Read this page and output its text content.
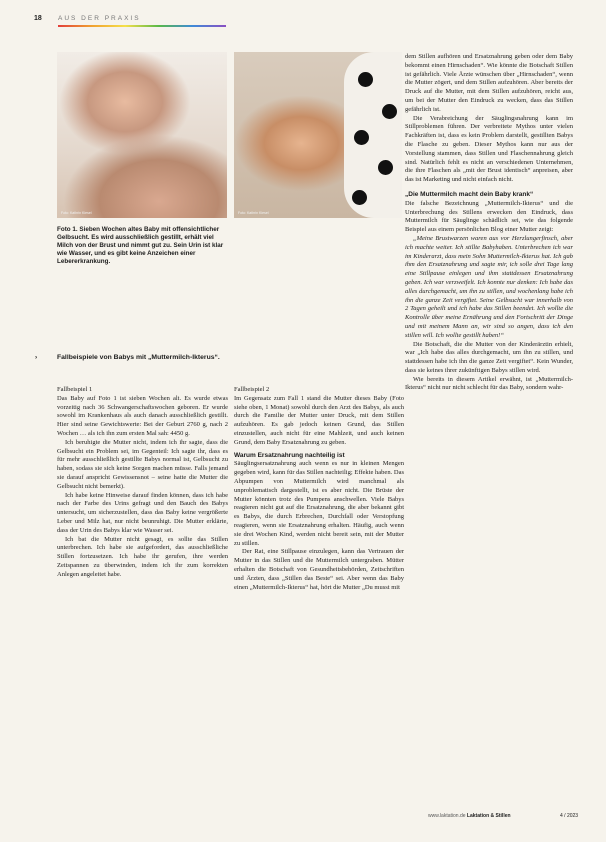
18 AUS DER PRAXIS
Foto: Kathrin Kiesel	Foto: Kathrin Kiesel
Foto 1. Sieben Wochen altes Baby mit offensichtlicher Gelbsucht. Es wird ausschließlich gestillt, erhält viel Milch von der Brust und nimmt gut zu. Sein Urin ist klar wie Wasser, und es gibt keine Anzeichen einer Lebererkrankung.
›	Fallbeispiele von Babys mit „Muttermilch-Ikterus“.
Fallbeispiel 1

Das Baby auf Foto 1 ist sieben Wochen alt. Es wurde etwas vorzeitig nach 36 Schwangerschaftswochen geboren. Er wurde sowohl im Krankenhaus als auch danach ausschließlich gestillt. Hier sind seine Gewichtswerte: Bei der Geburt 2760 g, nach 2 Wochen … als ich ihn zum ersten Mal sah: 4450 g.

Ich beruhigte die Mutter nicht, indem ich ihr sagte, dass die Gelbsucht ein Problem sei, im Gegenteil: Ich sagte ihr, dass es für mehr ausschließlich gestillte Babys normal ist, Gelbsucht zu haben, sodass sie sich keine Sorgen machen müsse. Falls jemand sie darauf anspricht Gewissensnot – seine hatte die Mutter die Gelbsucht nicht bemerkt).

Ich habe keine Hinweise darauf finden können, dass ich habe nach der Farbe des Urins gefragt und den Bauch des Babys untersucht, um sicherzustellen, dass das Baby keine vergrößerte Leber und Milz hat, nur nicht beunruhigt. Die Mutter erklärte, dass der Urin des Babys klar wie Wasser sei.

Ich bat die Mutter nicht gesagt, es sollte das Stillen unterbrechen. Ich habe sie aufgefordert, das ausschließliche Stillen fortzusetzen. Ich habe ihr gerufen, ihre werden Zeitspannen zu überwinden, indem ich ihr zum korrekten Anlegen angeleitet habe.

Fallbeispiel 2

Im Gegensatz zum Fall 1 stand die Mutter dieses Baby (Foto siehe oben, 1 Monat) sowohl durch den Arzt des Babys, als auch durch die Familie der Mutter unter Druck, mit dem Stillen aufzuhören. Es gab jedoch keinen Grund, das Stillen einzustellen, auch nicht für eine Mahlzeit, und auch keinen Grund, dem Baby Ersatznahrung zu geben.

Warum Ersatznahrung nachteilig ist

Säuglingsersatznahrung auch wenn es nur in kleinen Mengen gegeben wird, kann für das Stillen nachteilig; Effekte haben. Das Abpumpen von Muttermilch wird manchmal als unproblematisch dargestellt, ist es aber nicht. Die Brüste der Mutter könnten trotz des Pumpens anschwellen. Viele Babys reagieren nicht gut auf die Ersatznahrung, die aber bekannt gibt es Babys, die durch Erbrechen, Durchfall oder Verstopfung reagieren, wenn sie Ersatznahrung erhalten. Häufig, auch wenn sie drei Wochen Kind, werden nicht bereit sein, mit der Mutter zu stillen.

Der Rat, eine Stillpause einzulegen, kann das Vertrauen der Mutter in das Stillen und die Muttermilch untergraben. Mütter erhalten die Botschaft von Gesundheitsbehörden, Zeitschriften und Ärzten, dass „Stillen das Beste“ sei. Aber wenn das Baby einen „Muttermilch-Ikterus“ hat, hört die Mutter „Du musst mit

dem Stillen aufhören und Ersatznahrung geben oder dem Baby bekommt einen Hirnschaden“. Wie könnte die Botschaft Stillen ist gefährlich. Viele Ärzte wünschen über „Hirnschaden“, wenn die Mutter zögert, und dem Stillen aufzuhören. Aber bereits der Druck auf die Mutter, mit dem Stillen aufzuhören, reicht aus, um bei der Mutter den Eindruck zu wecken, dass das Stillen gefährlich ist.

Die Verabreichung der Säuglingsnahrung kann im Stillproblemen führen. Der verbreitete Mythos unter vielen Fachkräften ist, dass es kein Problem darstellt, gestillten Babys die Flasche zu geben. Dieser Mythos kann nur aus der Vorstellung stammen, dass Stillen und Flaschennahrung gleich sind. Natürlich fehlt es nicht an verschiedenen Unternehmen, die ihre Flaschen als „mit der Brust identisch“ anpreisen, aber das ist Marketing und nicht einfach nicht.

„Die Muttermilch macht dein Baby krank“

Die falsche Bezeichnung „Muttermilch-Ikterus“ und die Unterbrechung des Stillens erwecken den Eindruck, dass Muttermilch für Säuglinge schädlich sei, wie das folgende Beispiel aus einem persönlichen Blog einer Mutter zeigt:

„Meine Brustwarzen waren aus vor Herzlungerfinsch, aber ich machte weiter. Ich stillte Babyhaben. Unterbrechen ich war im Kinderarzt, dass mein Sohn Muttermilch-Ikterus hat. Ich gab ihm den Ersatznahrung und sagte mir, ich solle drei Tage lang eine Stillpause einlegen und ihm stattdessen Ersatznahrung geben. Ich war verzweifelt. Ich konnte nur denken: Ich habe das alles durchgemacht, um ihn zu stillen, und wochenlang habe ich ihn die ganze Zeit vergiftet. Seine Gelbsucht war innerhalb von 2 Tagen geheilt und ich habe das Stillen beendet. Ich wollte die Kontrolle über meine Ernährung und den Fortschritt der Dinge und mit meinem Mann an, wir sind so angen, dass ich den stillen will. Ich wollte gestillt haben!“

Die Botschaft, die die Mutter von der Kinderärztin erhielt, war „Ich habe das alles durchgemacht, um ihn zu stillen, und stattdessen habe ich ihn die ganze Zeit vergiftet“. Kein Wunder, dass sie keines ihrer zukünftigen Babys stillen wird.

Wie bereits in diesem Artikel erwähnt, ist „Muttermilch-Ikterus“ nicht nur nicht schlecht für das Baby, sondern wahr-

www.laktation.de Laktation & Stillen	4 / 2023
